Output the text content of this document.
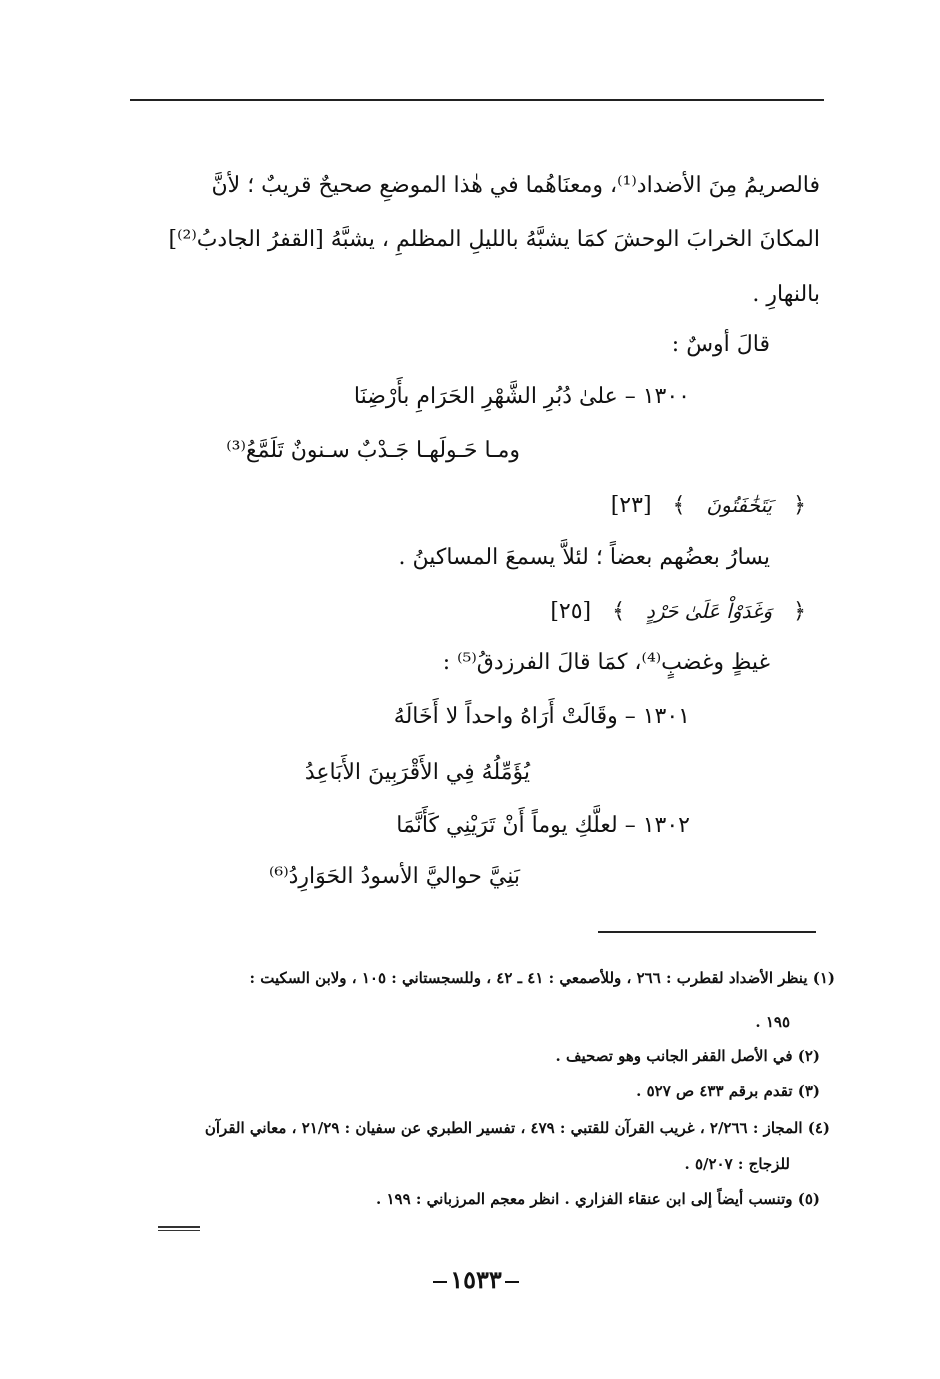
فالصريمُ مِنَ الأضداد⁽¹⁾، ومعنَاهُما في هٰذا الموضعِ صحيحٌ قريبٌ ؛ لأنَّ
المكانَ الخرابَ الوحشَ كمَا يشبَّهُ بالليلِ المظلمِ ، يشبَّهُ [القفرُ الجادبُ⁽²⁾]
بالنهارِ .
قالَ أوسٌ :
١٣٠٠ – علىٰ دُبُرِ الشَّهْرِ الحَرَامِ بأَرْضِنَا
ومـا حَـولَهـا جَـدْبٌ سـنونٌ تَلَمَّعُ⁽³⁾
﴿ يَتَخَٰفَتُونَ ﴾ [٢٣]
يسارُ بعضُهم بعضاً ؛ لئلاَّ يسمعَ المساكينُ .
﴿ وَغَدَوْاْ عَلَىٰ حَرْدٍ ﴾ [٢٥]
غيظٍ وغضبٍ⁽⁴⁾، كمَا قالَ الفرزدقُ⁽⁵⁾ :
١٣٠١ – وقَالَتْ أَرَاهُ واحداً لا أَخَالَهُ
يُؤَمِّلُهُ فِي الأَقْرَبِينَ الأَبَاعِدُ
١٣٠٢ – لعلَّكِ يوماً أَنْ تَرَيْنِي كَأَنَّمَا
بَنِيَّ حواليَّ الأسودُ الحَوَارِدُ⁽⁶⁾
(١) ينظر الأضداد لقطرب : ٢٦٦ ، وللأصمعي : ٤١ ـ ٤٢ ، وللسجستاني : ١٠٥ ، ولابن السكيت :
١٩٥ .
(٢) في الأصل القفر الجانب وهو تصحيف .
(٣) تقدم برقم ٤٣٣ ص ٥٢٧ .
(٤) المجاز : ٢/٢٦٦ ، غريب القرآن للقتبي : ٤٧٩ ، تفسير الطبري عن سفيان : ٢١/٢٩ ، معاني القرآن
للزجاج : ٥/٢٠٧ .
(٥) وتنسب أيضاً إلى ابن عنقاء الفزاري . انظر معجم المرزباني : ١٩٩ .
١٥٣٣
